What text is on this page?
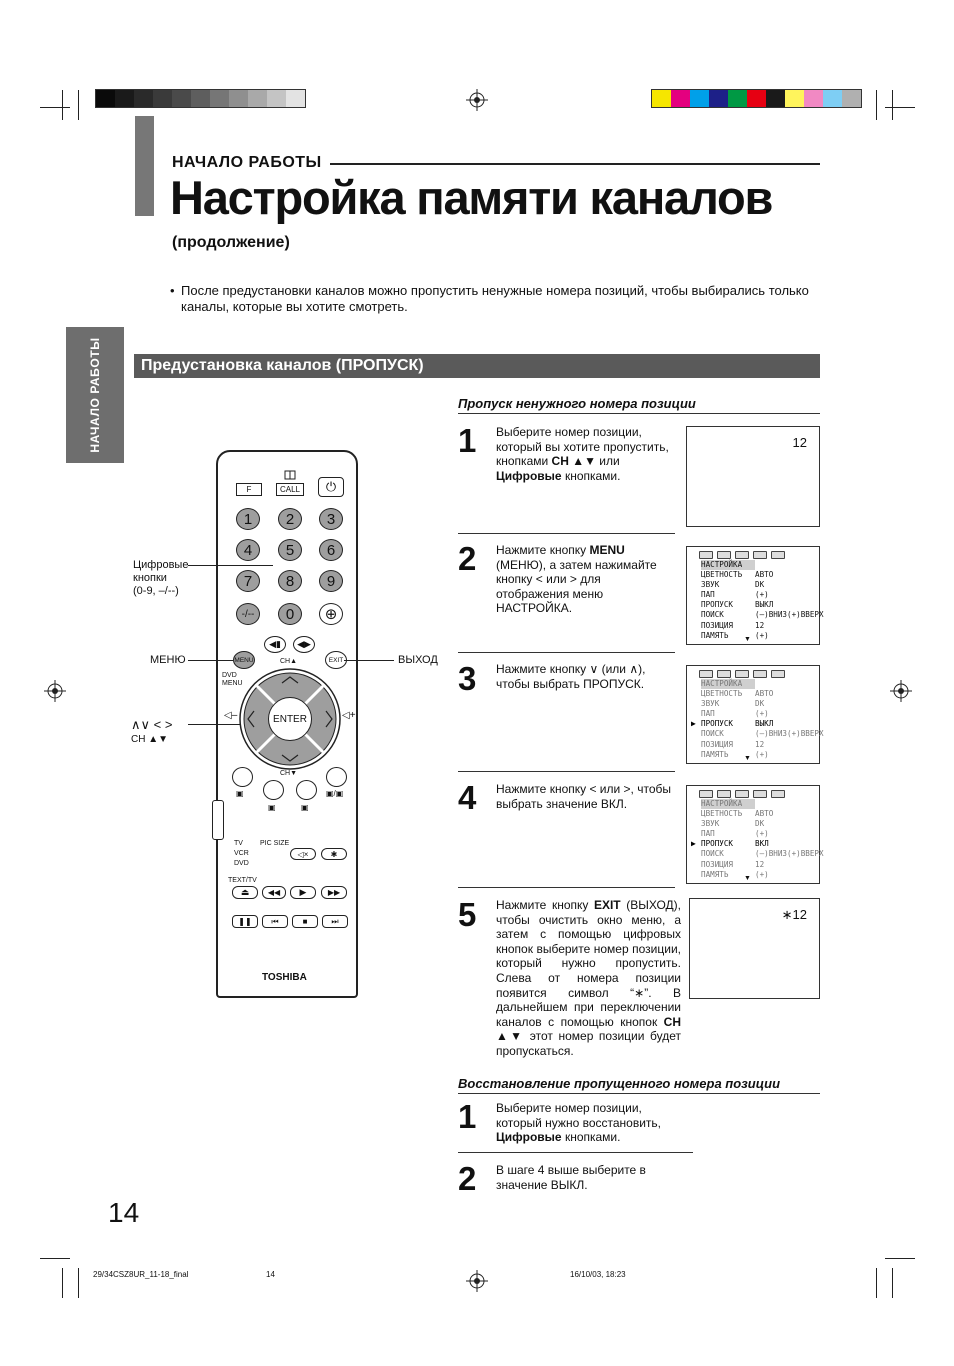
НАЧАЛО РАБОТЫ
Настройка памяти каналов
(продолжение)
• После предустановки каналов можно пропустить ненужные номера позиций, чтобы выбирались только каналы, которые вы хотите смотреть.
НАЧАЛО РАБОТЫ	Предустановка каналов (ПРОПУСК)
Пропуск ненужного номера позиции
1 Выберите номер позиции, который вы хотите пропустить, кнопками CH ▲▼ или Цифровые кнопками.
2 Нажмите кнопку MENU (МЕНЮ), а затем нажимайте кнопку < или > для отображения меню НАСТРОЙКА.
3 Нажмите кнопку ∨ (или ∧), чтобы выбрать ПРОПУСК.
4 Нажмите кнопку < или >, чтобы выбрать значение ВКЛ.
5 Нажмите кнопку EXIT (ВЫХОД), чтобы очистить окно меню, а затем с помощью цифровых кнопок выберите номер позиции, который нужно пропустить. Слева от номера позиции появится символ “∗”. В дальнейшем при переключении каналов с помощью кнопок CH ▲▼ этот номер позиции будет пропускаться.
12
НАСТРОЙКА
ЦВЕТНОСТЬ АВТО
ЗВУК	DK
ПАП	(+)
ПРОПУСК	ВЫКЛ
ПОИСК	(–)ВНИЗ(+)ВВЕРХ
ПОЗИЦИЯ	12
ПАМЯТЬ	(+)
▼
НАСТРОЙКА
ЦВЕТНОСТЬ АВТО
ЗВУК	DK
ПАП	(+)
▶ ПРОПУСК	ВЫКЛ
ПОИСК	(–)ВНИЗ(+)ВВЕРХ
ПОЗИЦИЯ	12
ПАМЯТЬ	(+)
▼
НАСТРОЙКА
ЦВЕТНОСТЬ АВТО
ЗВУК	DK
ПАП	(+)
▶ ПРОПУСК	ВКЛ
ПОИСК	(–)ВНИЗ(+)ВВЕРХ
ПОЗИЦИЯ	12
ПАМЯТЬ	(+)
▼
∗12
Восстановление пропущенного номера позиции
1 Выберите номер позиции, который нужно восстановить, Цифровые кнопками.
2 В шаге 4 выше выберите в значение ВЫКЛ.
F	CALL	⏻
-/--	0	⊕
◀▮	◀▶
MENU	EXIT
CH▲
DVD
MENU
ENTER
◁–	◁+
CH▼
▣
▣	▣
▣/▣
TV
VCR
DVD
PIC SIZE
◁×	✱
TEXT/TV
⏏	▶	▶▶
◀◀
❚❚	⏮	■	⏭
TOSHIBA
1	2	3
4	5	6
7	8	9
Цифровые
кнопки
(0-9, –/--)
МЕНЮ	ВЫХОД
∧∨ < >
CH ▲▼
14
29/34CSZ8UR_11-18_final	14	16/10/03, 18:23
